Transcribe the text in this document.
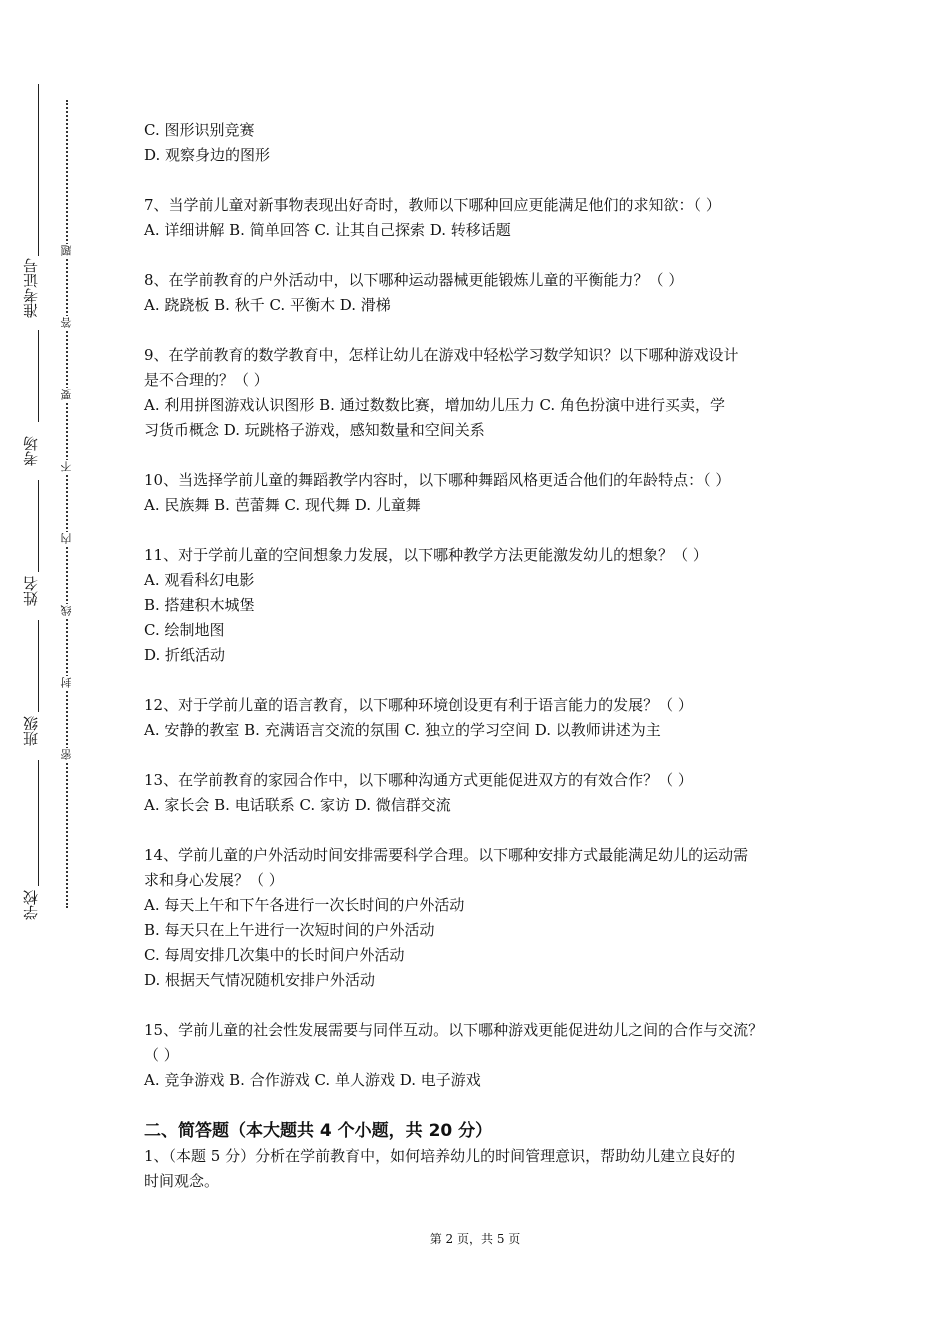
准考证号
考场
姓名
班级
学校
题
答
要
不
内
线
封
密
C. 图形识别竞赛
D. 观察身边的图形
7、当学前儿童对新事物表现出好奇时，教师以下哪种回应更能满足他们的求知欲：（ ）
A. 详细讲解 B. 简单回答 C. 让其自己探索 D. 转移话题
8、在学前教育的户外活动中，以下哪种运动器械更能锻炼儿童的平衡能力？（ ）
A. 跷跷板 B. 秋千 C. 平衡木 D. 滑梯
9、在学前教育的数学教育中，怎样让幼儿在游戏中轻松学习数学知识？以下哪种游戏设计
是不合理的？（ ）
A. 利用拼图游戏认识图形 B. 通过数数比赛，增加幼儿压力 C. 角色扮演中进行买卖，学
习货币概念 D. 玩跳格子游戏，感知数量和空间关系
10、当选择学前儿童的舞蹈教学内容时，以下哪种舞蹈风格更适合他们的年龄特点：（ ）
A. 民族舞 B. 芭蕾舞 C. 现代舞 D. 儿童舞
11、对于学前儿童的空间想象力发展，以下哪种教学方法更能激发幼儿的想象？（ ）
A. 观看科幻电影
B. 搭建积木城堡
C. 绘制地图
D. 折纸活动
12、对于学前儿童的语言教育，以下哪种环境创设更有利于语言能力的发展？（ ）
A. 安静的教室 B. 充满语言交流的氛围 C. 独立的学习空间 D. 以教师讲述为主
13、在学前教育的家园合作中，以下哪种沟通方式更能促进双方的有效合作？（ ）
A. 家长会 B. 电话联系 C. 家访 D. 微信群交流
14、学前儿童的户外活动时间安排需要科学合理。以下哪种安排方式最能满足幼儿的运动需
求和身心发展？（ ）
A. 每天上午和下午各进行一次长时间的户外活动
B. 每天只在上午进行一次短时间的户外活动
C. 每周安排几次集中的长时间户外活动
D. 根据天气情况随机安排户外活动
15、学前儿童的社会性发展需要与同伴互动。以下哪种游戏更能促进幼儿之间的合作与交流？
（ ）
A. 竞争游戏 B. 合作游戏 C. 单人游戏 D. 电子游戏
二、简答题（本大题共 4 个小题，共 20 分）
1、（本题 5 分）分析在学前教育中，如何培养幼儿的时间管理意识，帮助幼儿建立良好的
时间观念。
第 2 页，共 5 页
